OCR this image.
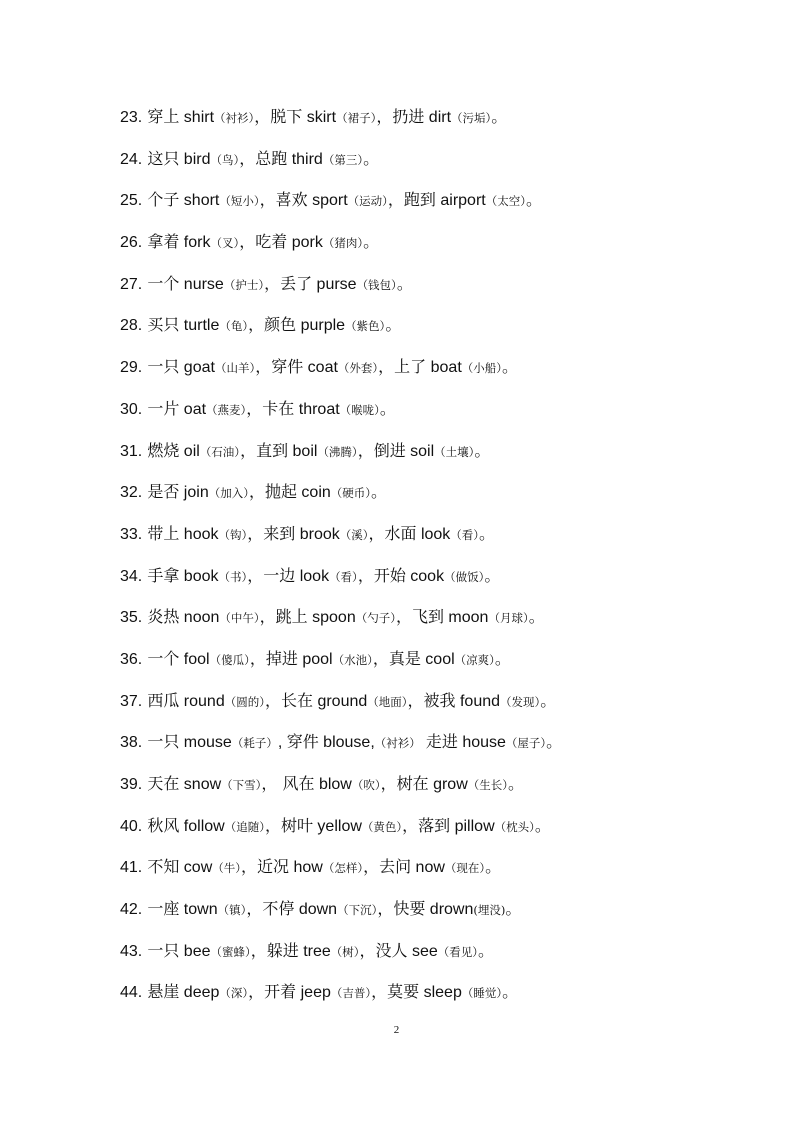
23. 穿上 shirt（衬衫），脱下 skirt（裙子），扔进 dirt（污垢）。
24. 这只 bird（鸟），总跑 third（第三）。
25. 个子 short（短小），喜欢 sport（运动），跑到 airport（太空）。
26. 拿着 fork（叉），吃着 pork（猪肉）。
27. 一个 nurse（护士），丢了 purse（钱包）。
28. 买只 turtle（龟），颜色 purple（紫色）。
29. 一只 goat（山羊），穿件 coat（外套），上了 boat（小船）。
30. 一片 oat（燕麦），卡在 throat（喉咙）。
31. 燃烧 oil（石油），直到 boil（沸腾），倒进 soil（土壤）。
32. 是否 join（加入），抛起 coin（硬币）。
33. 带上 hook（钩），来到 brook（溪），水面 look（看）。
34. 手拿 book（书），一边 look（看），开始 cook（做饭）。
35. 炎热 noon（中午），跳上 spoon（勺子），飞到 moon（月球）。
36. 一个 fool（傻瓜），掉进 pool（水池），真是 cool（凉爽）。
37. 西瓜 round（圆的），长在 ground（地面），被我 found（发现）。
38. 一只 mouse（耗子）, 穿件 blouse,（衬衫） 走进 house（屋子）。
39. 天在 snow（下雪）， 风在 blow（吹），树在 grow（生长）。
40. 秋风 follow（追随），树叶 yellow（黄色），落到 pillow（枕头）。
41. 不知 cow（牛），近况 how（怎样），去问 now（现在）。
42. 一座 town（镇），不停 down（下沉），快要 drown(埋没)。
43. 一只 bee（蜜蜂），躲进 tree（树），没人 see（看见）。
44. 悬崖 deep（深），开着 jeep（吉普），莫要 sleep（睡觉）。
2
